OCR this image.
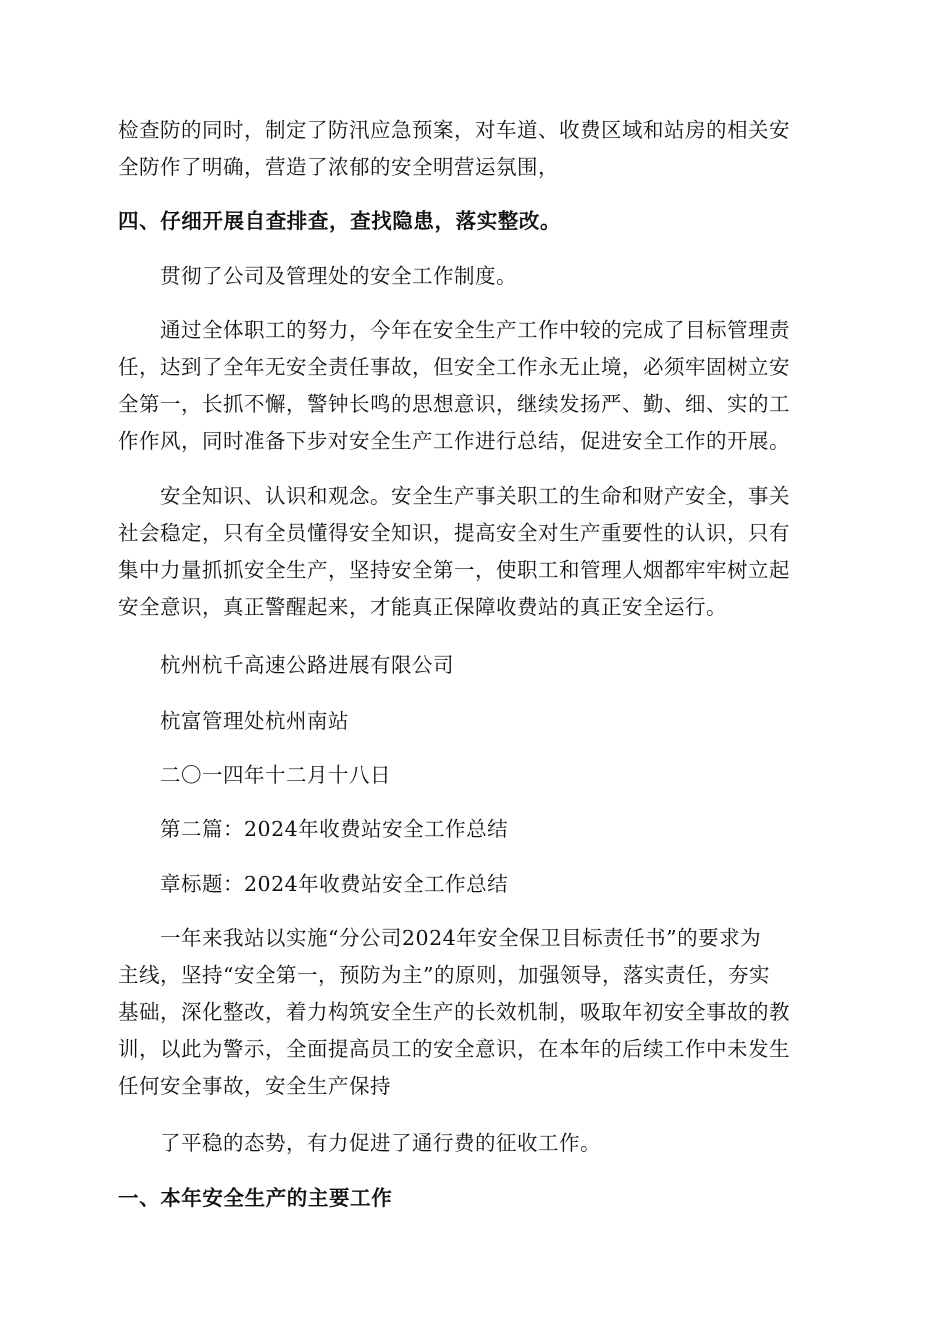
检查防的同时，制定了防汛应急预案，对车道、收费区域和站房的相关安
全防作了明确，营造了浓郁的安全明营运氛围，
四、仔细开展自查排查，查找隐患，落实整改。
贯彻了公司及管理处的安全工作制度。
通过全体职工的努力，今年在安全生产工作中较的完成了目标管理责
任，达到了全年无安全责任事故，但安全工作永无止境，必须牢固树立安
全第一，长抓不懈，警钟长鸣的思想意识，继续发扬严、勤、细、实的工
作作风，同时准备下步对安全生产工作进行总结，促进安全工作的开展。
安全知识、认识和观念。安全生产事关职工的生命和财产安全，事关
社会稳定，只有全员懂得安全知识，提高安全对生产重要性的认识，只有
集中力量抓抓安全生产，坚持安全第一，使职工和管理人烟都牢牢树立起
安全意识，真正警醒起来，才能真正保障收费站的真正安全运行。
杭州杭千高速公路进展有限公司
杭富管理处杭州南站
二〇一四年十二月十八日
第二篇：2024年收费站安全工作总结
章标题：2024年收费站安全工作总结
一年来我站以实施“分公司2024年安全保卫目标责任书”的要求为
主线，坚持“安全第一，预防为主”的原则，加强领导，落实责任，夯实
基础，深化整改，着力构筑安全生产的长效机制，吸取年初安全事故的教
训，以此为警示，全面提高员工的安全意识，在本年的后续工作中未发生
任何安全事故，安全生产保持
了平稳的态势，有力促进了通行费的征收工作。
一、本年安全生产的主要工作
